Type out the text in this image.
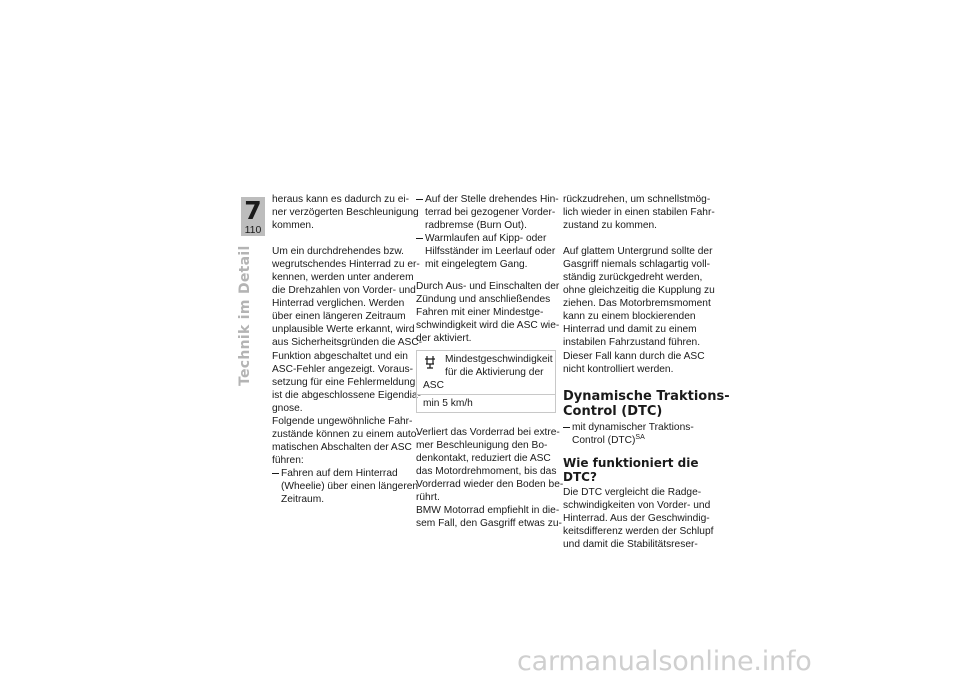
7
110
Technik im Detail

heraus kann es dadurch zu ei-
ner verzögerten Beschleunigung
kommen.

Um ein durchdrehendes bzw.
wegrutschendes Hinterrad zu er-
kennen, werden unter anderem
die Drehzahlen von Vorder- und
Hinterrad verglichen. Werden
über einen längeren Zeitraum
unplausible Werte erkannt, wird
aus Sicherheitsgründen die ASC-
Funktion abgeschaltet und ein
ASC-Fehler angezeigt. Voraus-
setzung für eine Fehlermeldung
ist die abgeschlossene Eigendia-
gnose.

Folgende ungewöhnliche Fahr-
zustände können zu einem auto-
matischen Abschalten der ASC
führen:

Fahren auf dem Hinterrad
(Wheelie) über einen längeren
Zeitraum.
Auf der Stelle drehendes Hin-
terrad bei gezogener Vorder-
radbremse (Burn Out).
Warmlaufen auf Kipp- oder
Hilfsständer im Leerlauf oder
mit eingelegtem Gang.

Durch Aus- und Einschalten der
Zündung und anschließendes
Fahren mit einer Mindestge-
schwindigkeit wird die ASC wie-
der aktiviert.

Mindestgeschwindigkeit
für die Aktivierung der
ASC
min 5 km/h

Verliert das Vorderrad bei extre-
mer Beschleunigung den Bo-
denkontakt, reduziert die ASC
das Motordrehmoment, bis das
Vorderrad wieder den Boden be-
rührt.

BMW Motorrad empfiehlt in die-
sem Fall, den Gasgriff etwas zu-

rückzudrehen, um schnellstmög-
lich wieder in einen stabilen Fahr-
zustand zu kommen.

Auf glattem Untergrund sollte der
Gasgriff niemals schlagartig voll-
ständig zurückgedreht werden,
ohne gleichzeitig die Kupplung zu
ziehen. Das Motorbremsmoment
kann zu einem blockierenden
Hinterrad und damit zu einem
instabilen Fahrzustand führen.
Dieser Fall kann durch die ASC
nicht kontrolliert werden.

Dynamische Traktions-
Control (DTC)
mit dynamischer Traktions-
Control (DTC)$^{SA}$
Wie funktioniert die DTC?

Die DTC vergleicht die Radge-
schwindigkeiten von Vorder- und
Hinterrad. Aus der Geschwindig-
keitsdifferenz werden der Schlupf
und damit die Stabilitätsreser-

carmanualsonline.info
